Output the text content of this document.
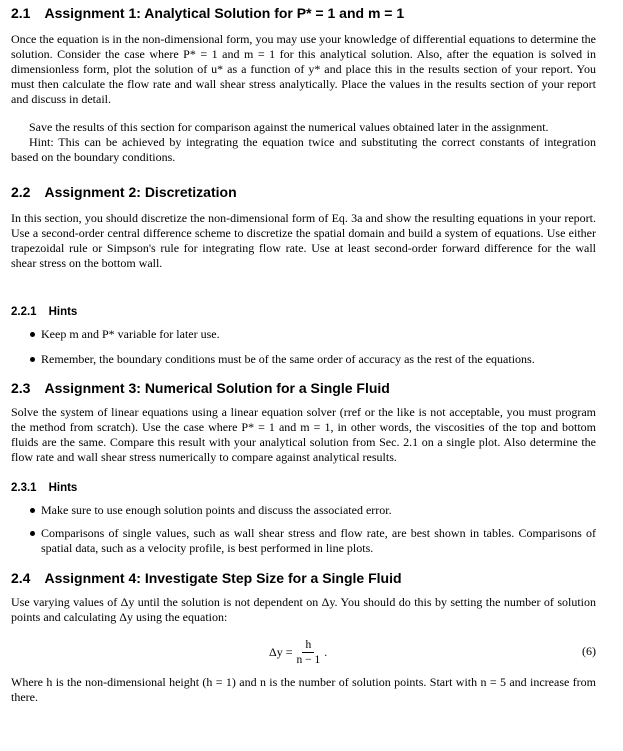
2.1 Assignment 1: Analytical Solution for P* = 1 and m = 1

Once the equation is in the non-dimensional form, you may use your knowledge of differential equations to determine the solution. Consider the case where P* = 1 and m = 1 for this analytical solution. Also, after the equation is solved in dimensionless form, plot the solution of u* as a function of y* and place this in the results section of your report. You must then calculate the flow rate and wall shear stress analytically. Place the values in the results section of your report and discuss in detail.

Save the results of this section for comparison against the numerical values obtained later in the assignment.

Hint: This can be achieved by integrating the equation twice and substituting the correct constants of integration based on the boundary conditions.

2.2 Assignment 2: Discretization

In this section, you should discretize the non-dimensional form of Eq. 3a and show the resulting equations in your report. Use a second-order central difference scheme to discretize the spatial domain and build a system of equations. Use either trapezoidal rule or Simpson's rule for integrating flow rate. Use at least second-order forward difference for the wall shear stress on the bottom wall.

2.2.1 Hints
Keep m and P* variable for later use.
Remember, the boundary conditions must be of the same order of accuracy as the rest of the equations.
2.3 Assignment 3: Numerical Solution for a Single Fluid

Solve the system of linear equations using a linear equation solver (rref or the like is not acceptable, you must program the method from scratch). Use the case where P* = 1 and m = 1, in other words, the viscosities of the top and bottom fluids are the same. Compare this result with your analytical solution from Sec. 2.1 on a single plot. Also determine the flow rate and wall shear stress numerically to compare against analytical results.

2.3.1 Hints
Make sure to use enough solution points and discuss the associated error.
Comparisons of single values, such as wall shear stress and flow rate, are best shown in tables. Comparisons of spatial data, such as a velocity profile, is best performed in line plots.
2.4 Assignment 4: Investigate Step Size for a Single Fluid

Use varying values of Δy until the solution is not dependent on Δy. You should do this by setting the number of solution points and calculating Δy using the equation:

$\Delta y = \frac{h}{n - 1}$ .	(6)

Where h is the non-dimensional height (h = 1) and n is the number of solution points. Start with n = 5 and increase from there.
